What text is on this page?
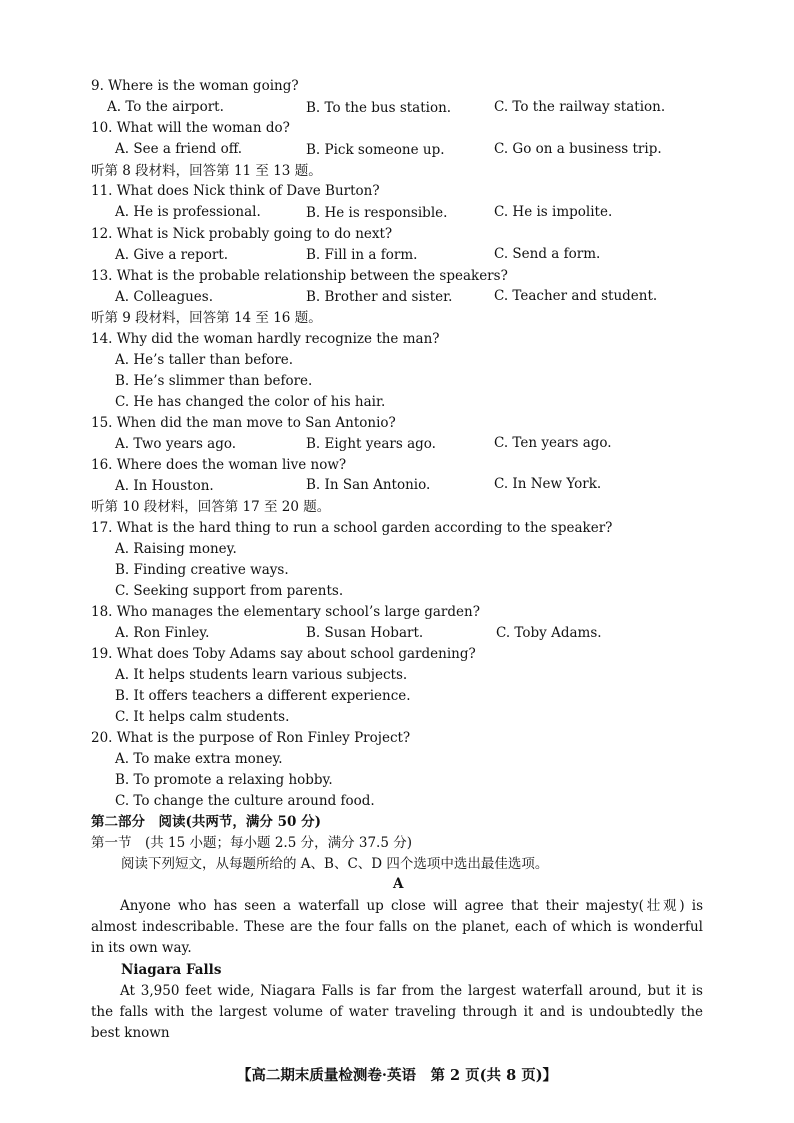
9. Where is the woman going?
A. To the airport.	B. To the bus station.	C. To the railway station.
10. What will the woman do?
A. See a friend off.	B. Pick someone up.	C. Go on a business trip.
听第 8 段材料，回答第 11 至 13 题。
11. What does Nick think of Dave Burton?
A. He is professional.	B. He is responsible.	C. He is impolite.
12. What is Nick probably going to do next?
A. Give a report.	B. Fill in a form.	C. Send a form.
13. What is the probable relationship between the speakers?
A. Colleagues.	B. Brother and sister.	C. Teacher and student.
听第 9 段材料，回答第 14 至 16 题。
14. Why did the woman hardly recognize the man?
A. He’s taller than before.
B. He’s slimmer than before.
C. He has changed the color of his hair.
15. When did the man move to San Antonio?
A. Two years ago.	B. Eight years ago.	C. Ten years ago.
16. Where does the woman live now?
A. In Houston.	B. In San Antonio.	C. In New York.
听第 10 段材料，回答第 17 至 20 题。
17. What is the hard thing to run a school garden according to the speaker?
A. Raising money.
B. Finding creative ways.
C. Seeking support from parents.
18. Who manages the elementary school’s large garden?
A. Ron Finley.	B. Susan Hobart.	C. Toby Adams.
19. What does Toby Adams say about school gardening?
A. It helps students learn various subjects.
B. It offers teachers a different experience.
C. It helps calm students.
20. What is the purpose of Ron Finley Project?
A. To make extra money.
B. To promote a relaxing hobby.
C. To change the culture around food.
第二部分　阅读(共两节，满分 50 分)
第一节　(共 15 小题；每小题 2.5 分，满分 37.5 分)
阅读下列短文，从每题所给的 A、B、C、D 四个选项中选出最佳选项。
A
Anyone who has seen a waterfall up close will agree that their majesty(壮观) is almost indescribable. These are the four falls on the planet, each of which is wonderful in its own way.
Niagara Falls
At 3,950 feet wide, Niagara Falls is far from the largest waterfall around, but it is the falls with the largest volume of water traveling through it and is undoubtedly the best known
【高二期末质量检测卷·英语　第 2 页(共 8 页)】
